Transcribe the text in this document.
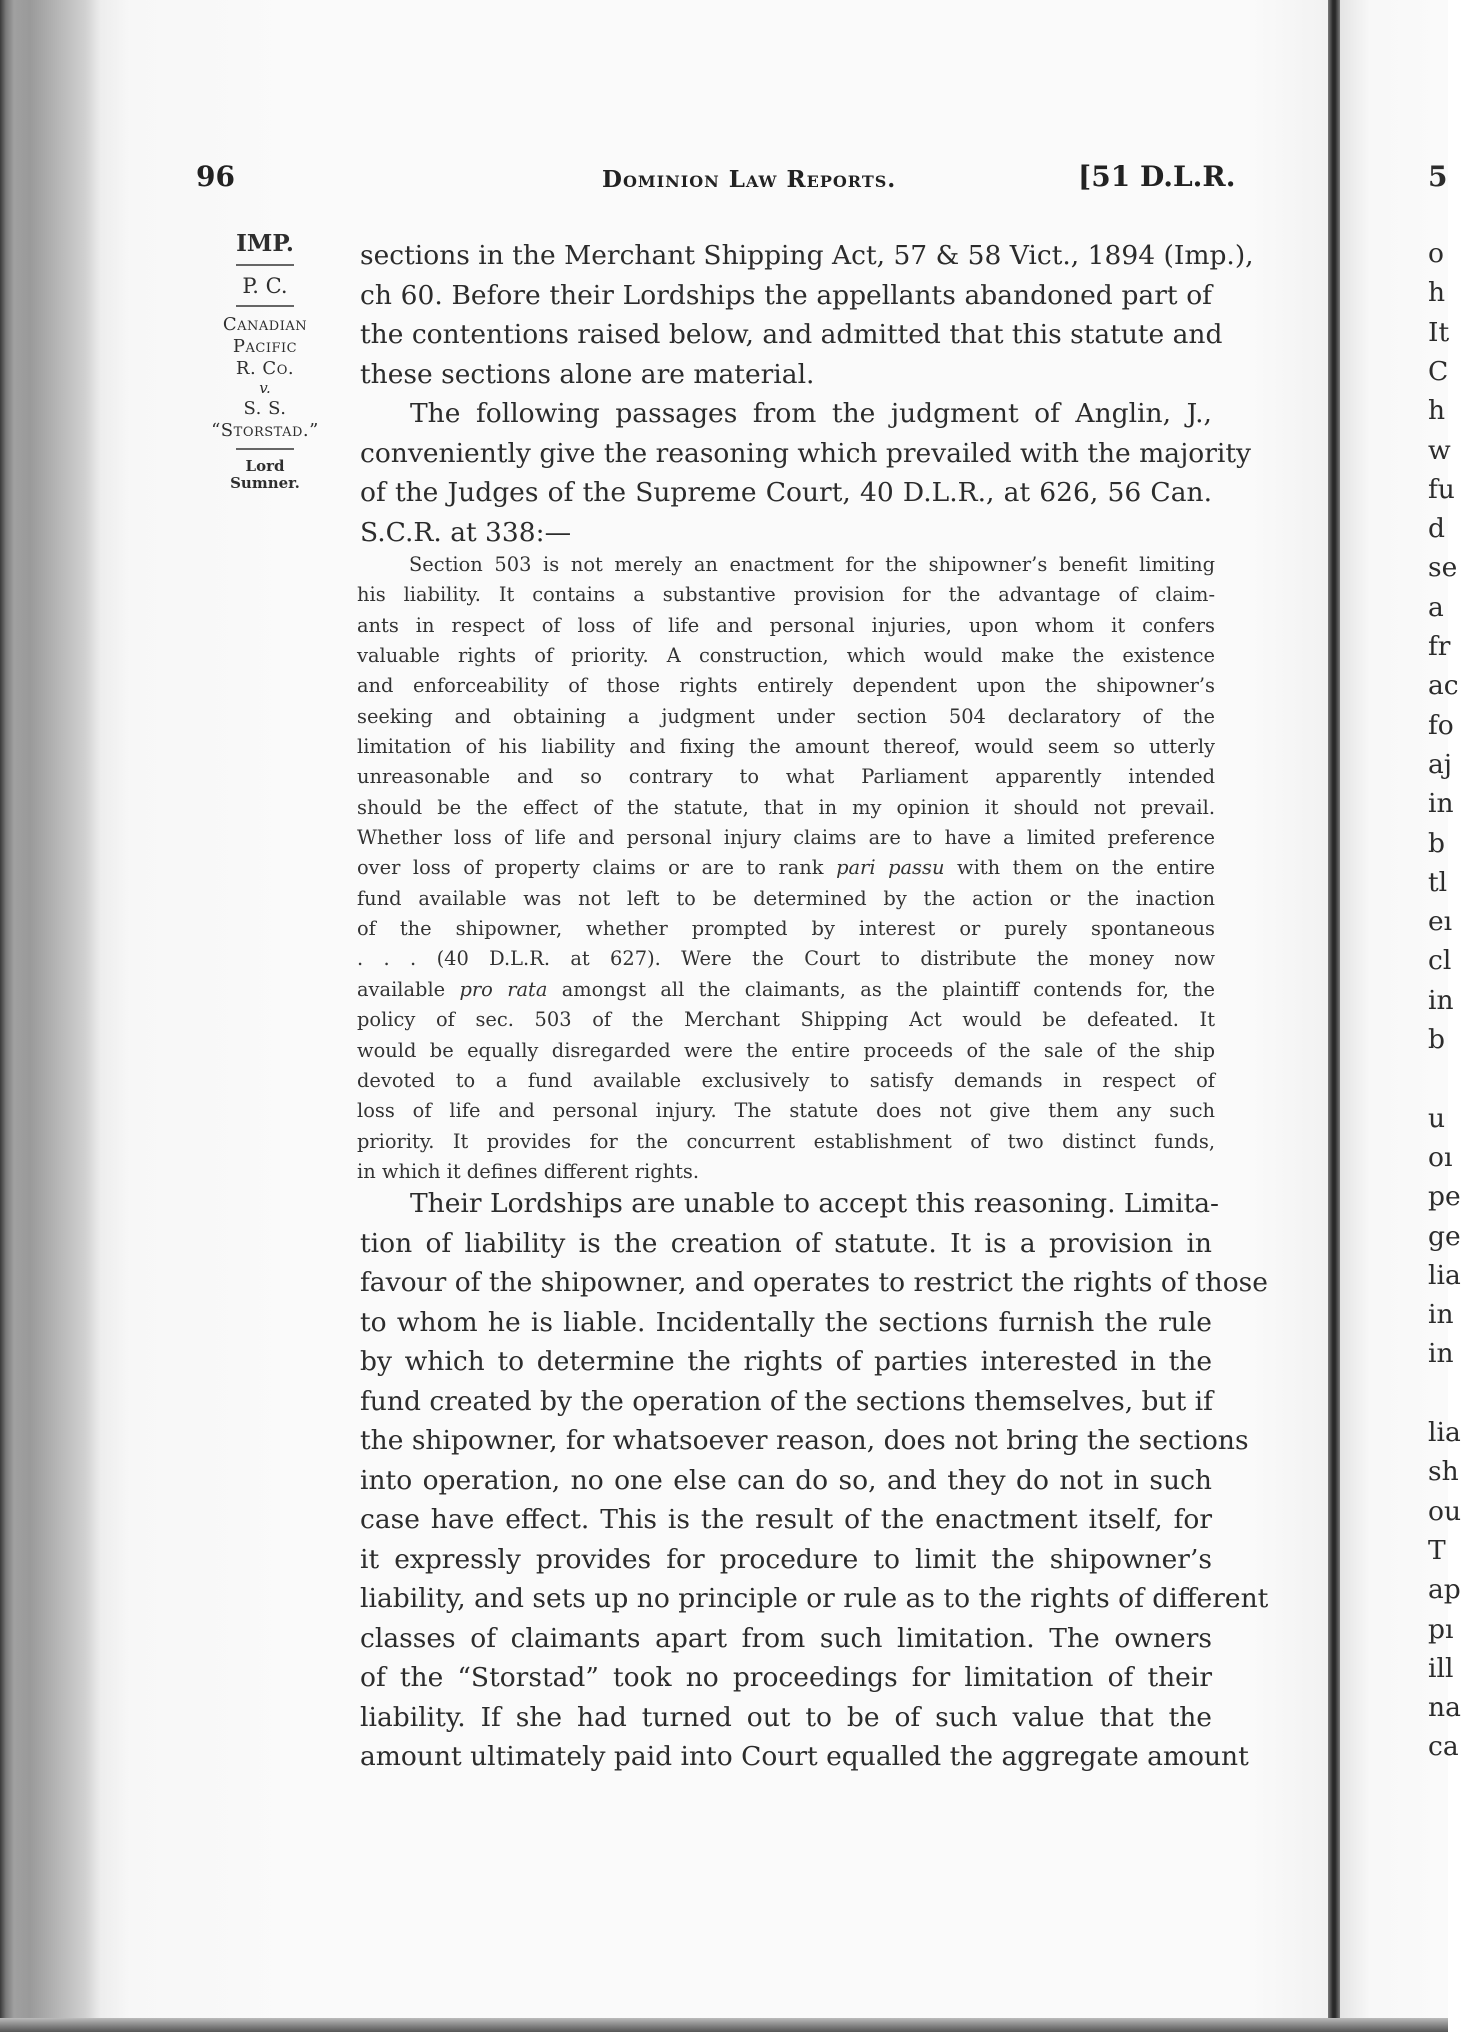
96	Dominion Law Reports.	[51 D.L.R.
IMP.
P. C.
Canadian
Pacific
R. Co.
v.
S. S.
“Storstad.”
Lord
Sumner.
sections in the Merchant Shipping Act, 57 & 58 Vict., 1894 (Imp.),
ch 60. Before their Lordships the appellants abandoned part of
the contentions raised below, and admitted that this statute and
these sections alone are material.
The following passages from the judgment of Anglin, J.,
conveniently give the reasoning which prevailed with the majority
of the Judges of the Supreme Court, 40 D.L.R., at 626, 56 Can.
S.C.R. at 338:—
Section 503 is not merely an enactment for the shipowner’s benefit limiting
his liability. It contains a substantive provision for the advantage of claim-
ants in respect of loss of life and personal injuries, upon whom it confers
valuable rights of priority. A construction, which would make the existence
and enforceability of those rights entirely dependent upon the shipowner’s
seeking and obtaining a judgment under section 504 declaratory of the
limitation of his liability and fixing the amount thereof, would seem so utterly
unreasonable and so contrary to what Parliament apparently intended
should be the effect of the statute, that in my opinion it should not prevail.
Whether loss of life and personal injury claims are to have a limited preference
over loss of property claims or are to rank pari passu with them on the entire
fund available was not left to be determined by the action or the inaction
of the shipowner, whether prompted by interest or purely spontaneous
. . . (40 D.L.R. at 627). Were the Court to distribute the money now
available pro rata amongst all the claimants, as the plaintiff contends for, the
policy of sec. 503 of the Merchant Shipping Act would be defeated. It
would be equally disregarded were the entire proceeds of the sale of the ship
devoted to a fund available exclusively to satisfy demands in respect of
loss of life and personal injury. The statute does not give them any such
priority. It provides for the concurrent establishment of two distinct funds,
in which it defines different rights.
Their Lordships are unable to accept this reasoning. Limita-
tion of liability is the creation of statute. It is a provision in
favour of the shipowner, and operates to restrict the rights of those
to whom he is liable. Incidentally the sections furnish the rule
by which to determine the rights of parties interested in the
fund created by the operation of the sections themselves, but if
the shipowner, for whatsoever reason, does not bring the sections
into operation, no one else can do so, and they do not in such
case have effect. This is the result of the enactment itself, for
it expressly provides for procedure to limit the shipowner’s
liability, and sets up no principle or rule as to the rights of different
classes of claimants apart from such limitation. The owners
of the “Storstad” took no proceedings for limitation of their
liability. If she had turned out to be of such value that the
amount ultimately paid into Court equalled the aggregate amount
5
o
h
It
C
h
w
fu
d
se
a
fr
ac
fo
aj
in
b
tl
eı
cl
in
b
u
oı
pe
ge
lia
in
in
lia
sh
ou
T
ap
pı
ill
na
ca
